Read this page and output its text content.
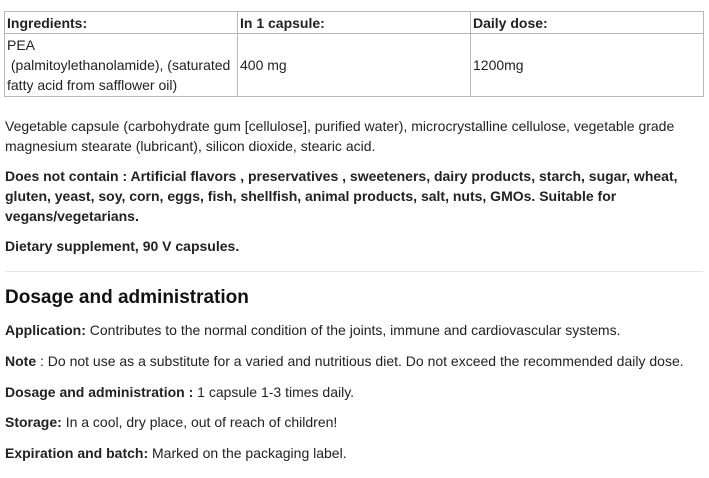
Ingredients:	In 1 capsule:	Daily dose:

PEA
(palmitoylethanolamide), (saturated
fatty acid from safflower oil)	400 mg	1200mg
Vegetable capsule (carbohydrate gum [cellulose], purified water), microcrystalline cellulose, vegetable grade magnesium stearate (lubricant), silicon dioxide, stearic acid.
Does not contain : Artificial flavors , preservatives , sweeteners, dairy products, starch, sugar, wheat, gluten, yeast, soy, corn, eggs, fish, shellfish, animal products, salt, nuts, GMOs. Suitable for vegans/vegetarians.
Dietary supplement, 90 V capsules.
Dosage and administration
Application: Contributes to the normal condition of the joints, immune and cardiovascular systems.
Note : Do not use as a substitute for a varied and nutritious diet. Do not exceed the recommended daily dose.
Dosage and administration : 1 capsule 1-3 times daily.
Storage: In a cool, dry place, out of reach of children!
Expiration and batch: Marked on the packaging label.
